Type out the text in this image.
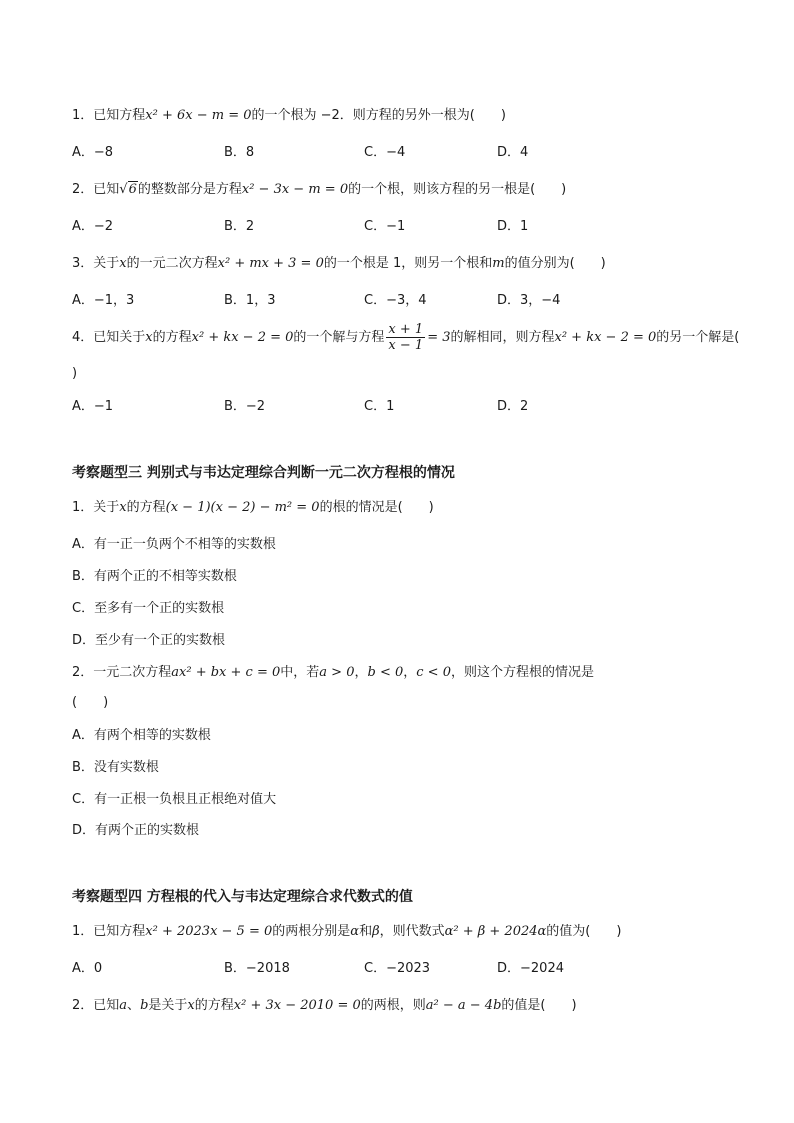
1．已知方程x² + 6x − m = 0的一个根为 −2．则方程的另外一根为(　　)
A．−8	B．8	C．−4	D．4
2．已知√6的整数部分是方程x² − 3x − m = 0的一个根，则该方程的另一根是(　　)
A．−2	B．2	C．−1	D．1
3．关于x的一元二次方程x² + mx + 3 = 0的一个根是 1，则另一个根和m的值分别为(　　)
A．−1，3	B．1，3	C．−3，4	D．3，−4
4．已知关于x的方程x² + kx − 2 = 0的一个解与方程 $\frac{x + 1}{x - 1} = 3$的解相同，则方程x² + kx − 2 = 0的另一个解是(
)
A．−1	B．−2	C．1	D．2
考察题型三 判别式与韦达定理综合判断一元二次方程根的情况
1．关于x的方程(x − 1)(x − 2) − m² = 0的根的情况是(　　)
A．有一正一负两个不相等的实数根
B．有两个正的不相等实数根
C．至多有一个正的实数根
D．至少有一个正的实数根
2．一元二次方程ax² + bx + c = 0中，若a > 0，b < 0，c < 0，则这个方程根的情况是
(　　)
A．有两个相等的实数根
B．没有实数根
C．有一正根一负根且正根绝对值大
D．有两个正的实数根
考察题型四 方程根的代入与韦达定理综合求代数式的值
1．已知方程x² + 2023x − 5 = 0的两根分别是α和β，则代数式α² + β + 2024α的值为(　　)
A．0	B．−2018	C．−2023	D．−2024
2．已知a、b是关于x的方程x² + 3x − 2010 = 0的两根，则a² − a − 4b的值是(　　)
